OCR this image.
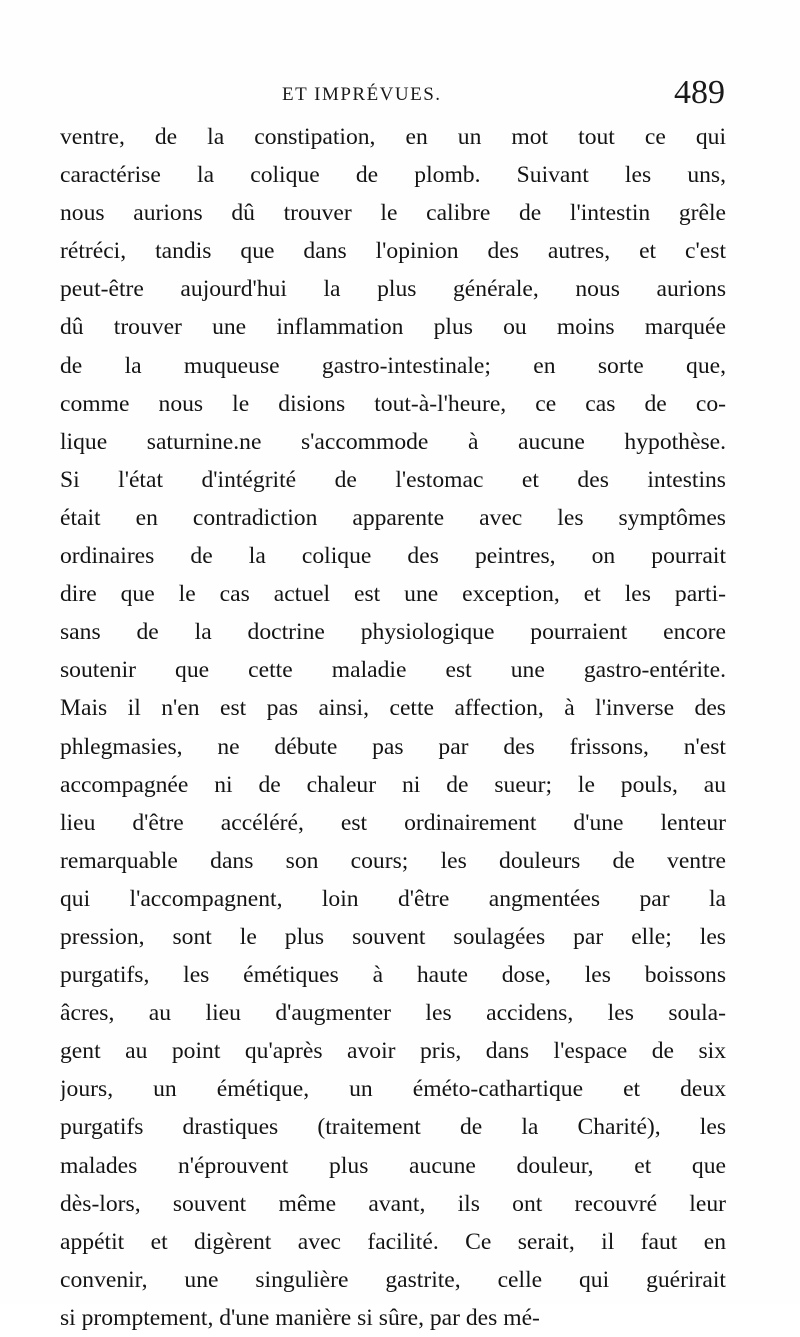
ET IMPRÉVUES.	489
ventre, de la constipation, en un mot tout ce qui
caractérise la colique de plomb. Suivant les uns,
nous aurions dû trouver le calibre de l'intestin grêle
rétréci, tandis que dans l'opinion des autres, et c'est
peut-être aujourd'hui la plus générale, nous aurions
dû trouver une inflammation plus ou moins marquée
de la muqueuse gastro-intestinale; en sorte que,
comme nous le disions tout-à-l'heure, ce cas de co-
lique saturnine.ne s'accommode à aucune hypothèse.
Si l'état d'intégrité de l'estomac et des intestins
était en contradiction apparente avec les symptômes
ordinaires de la colique des peintres, on pourrait
dire que le cas actuel est une exception, et les parti-
sans de la doctrine physiologique pourraient encore
soutenir que cette maladie est une gastro-entérite.
Mais il n'en est pas ainsi, cette affection, à l'inverse des
phlegmasies, ne débute pas par des frissons, n'est
accompagnée ni de chaleur ni de sueur; le pouls, au
lieu d'être accéléré, est ordinairement d'une lenteur
remarquable dans son cours; les douleurs de ventre
qui l'accompagnent, loin d'être angmentées par la
pression, sont le plus souvent soulagées par elle; les
purgatifs, les émétiques à haute dose, les boissons
âcres, au lieu d'augmenter les accidens, les soula-
gent au point qu'après avoir pris, dans l'espace de six
jours, un émétique, un éméto-cathartique et deux
purgatifs drastiques (traitement de la Charité), les
malades n'éprouvent plus aucune douleur, et que
dès-lors, souvent même avant, ils ont recouvré leur
appétit et digèrent avec facilité. Ce serait, il faut en
convenir, une singulière gastrite, celle qui guérirait
si promptement, d'une manière si sûre, par des mé-
